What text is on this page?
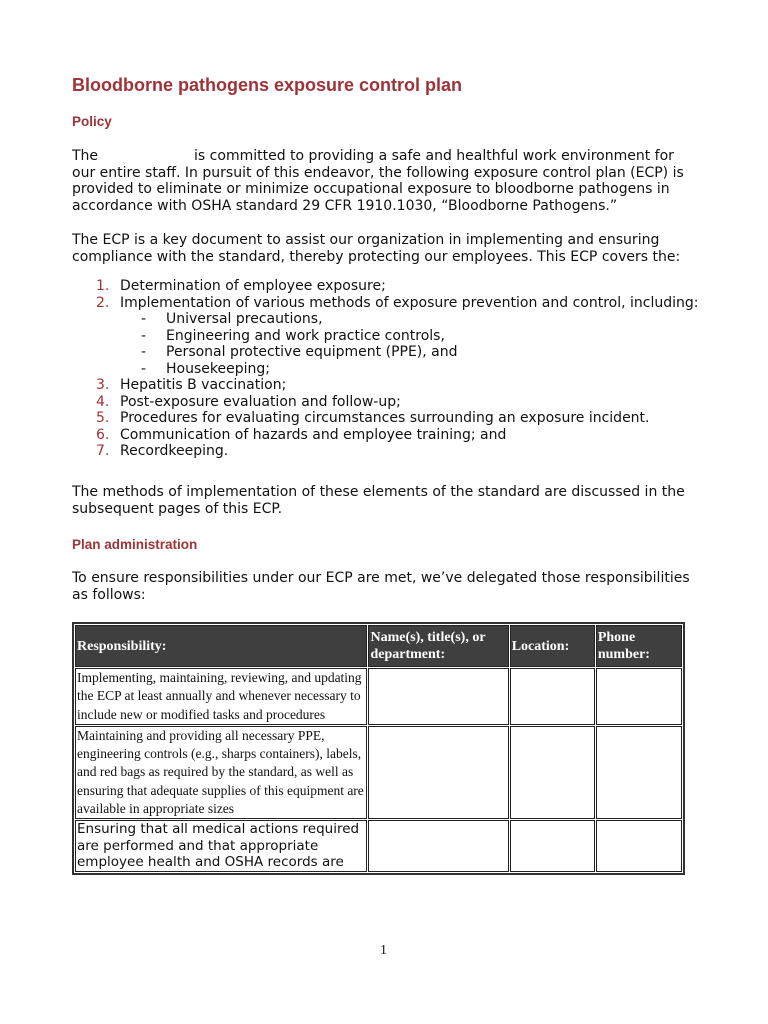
Bloodborne pathogens exposure control plan
Policy
The	is committed to providing a safe and healthful work environment for our entire staff. In pursuit of this endeavor, the following exposure control plan (ECP) is provided to eliminate or minimize occupational exposure to bloodborne pathogens in accordance with OSHA standard 29 CFR 1910.1030, “Bloodborne Pathogens.”
The ECP is a key document to assist our organization in implementing and ensuring compliance with the standard, thereby protecting our employees. This ECP covers the:
1. Determination of employee exposure;
2. Implementation of various methods of exposure prevention and control, including:
-	Universal precautions,
-	Engineering and work practice controls,
-	Personal protective equipment (PPE), and
-	Housekeeping;
3. Hepatitis B vaccination;
4. Post-exposure evaluation and follow-up;
5. Procedures for evaluating circumstances surrounding an exposure incident.
6. Communication of hazards and employee training; and
7. Recordkeeping.
The methods of implementation of these elements of the standard are discussed in the subsequent pages of this ECP.
Plan administration
To ensure responsibilities under our ECP are met, we’ve delegated those responsibilities as follows:
Responsibility:	Name(s), title(s), or department:	Location:	Phone number:
Implementing, maintaining, reviewing, and updating the ECP at least annually and whenever necessary to include new or modified tasks and procedures			
Maintaining and providing all necessary PPE, engineering controls (e.g., sharps containers), labels, and red bags as required by the standard, as well as ensuring that adequate supplies of this equipment are available in appropriate sizes			
Ensuring that all medical actions required are performed and that appropriate employee health and OSHA records are			
1
